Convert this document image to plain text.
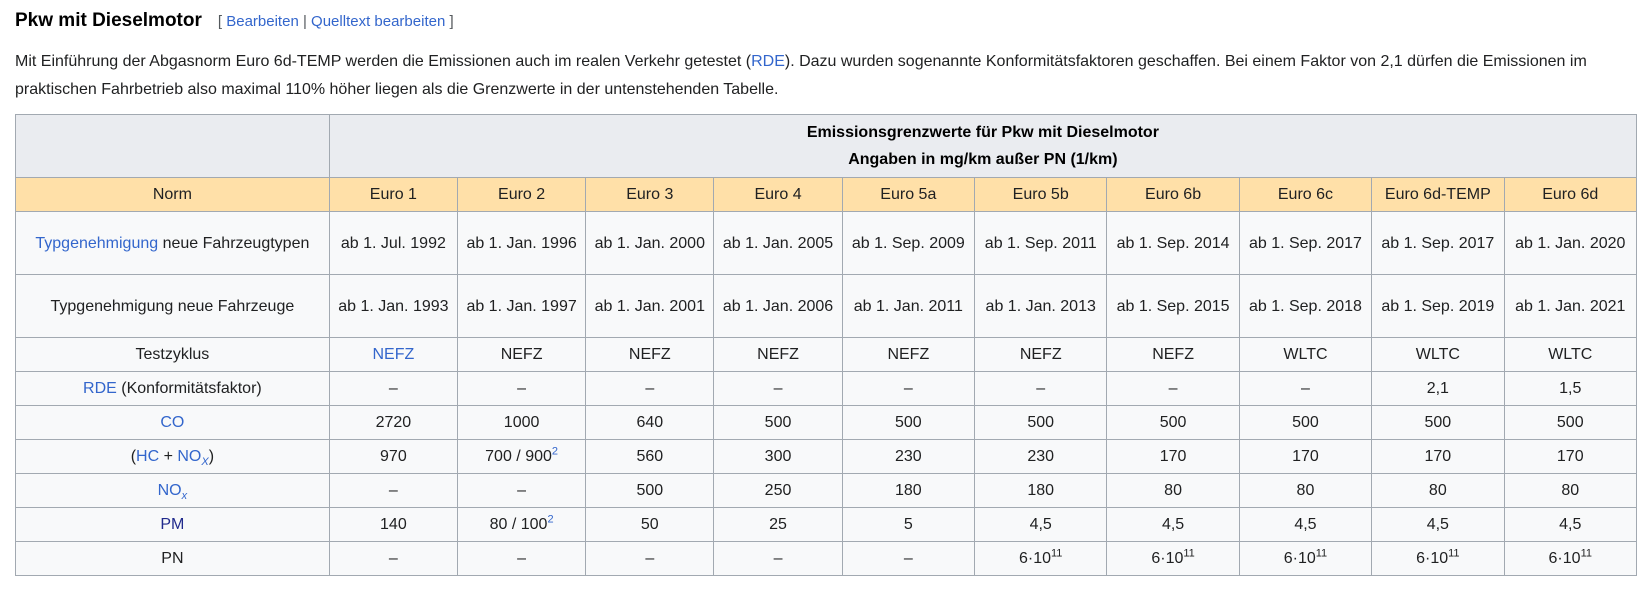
Pkw mit Dieselmotor [ Bearbeiten | Quelltext bearbeiten ]

Mit Einführung der Abgasnorm Euro 6d-TEMP werden die Emissionen auch im realen Verkehr getestet (RDE). Dazu wurden sogenannte Konformitätsfaktoren geschaffen. Bei einem Faktor von 2,1 dürfen die Emissionen im praktischen Fahrbetrieb also maximal 110% höher liegen als die Grenzwerte in der untenstehenden Tabelle.

	Emissionsgrenzwerte für Pkw mit Dieselmotor
Angaben in mg/km außer PN (1/km)									

Norm	Euro 1	Euro 2	Euro 3	Euro 4	Euro 5a	Euro 5b	Euro 6b	Euro 6c	Euro 6d-TEMP	Euro 6d
Typgenehmigung neue Fahrzeugtypen	ab 1. Jul. 1992	ab 1. Jan. 1996	ab 1. Jan. 2000	ab 1. Jan. 2005	ab 1. Sep. 2009	ab 1. Sep. 2011	ab 1. Sep. 2014	ab 1. Sep. 2017	ab 1. Sep. 2017	ab 1. Jan. 2020
Typgenehmigung neue Fahrzeuge	ab 1. Jan. 1993	ab 1. Jan. 1997	ab 1. Jan. 2001	ab 1. Jan. 2006	ab 1. Jan. 2011	ab 1. Jan. 2013	ab 1. Sep. 2015	ab 1. Sep. 2018	ab 1. Sep. 2019	ab 1. Jan. 2021
Testzyklus	NEFZ	NEFZ	NEFZ	NEFZ	NEFZ	NEFZ	NEFZ	WLTC	WLTC	WLTC
RDE (Konformitätsfaktor)	–	–	–	–	–	–	–	–	2,1	1,5
CO	2720	1000	640	500	500	500	500	500	500	500
$(HC + NO_X)$	970	700 / 900$^2$	560	300	230	230	170	170	170	170
$NO_x$	–	–	500	250	180	180	80	80	80	80
PM	140	80 / 100$^2$	50	25	5	4,5	4,5	4,5	4,5	4,5
PN	–	–	–	–	–	$6\cdot 10^{11}$	$6\cdot 10^{11}$	$6\cdot 10^{11}$	$6\cdot 10^{11}$	$6\cdot 10^{11}$
